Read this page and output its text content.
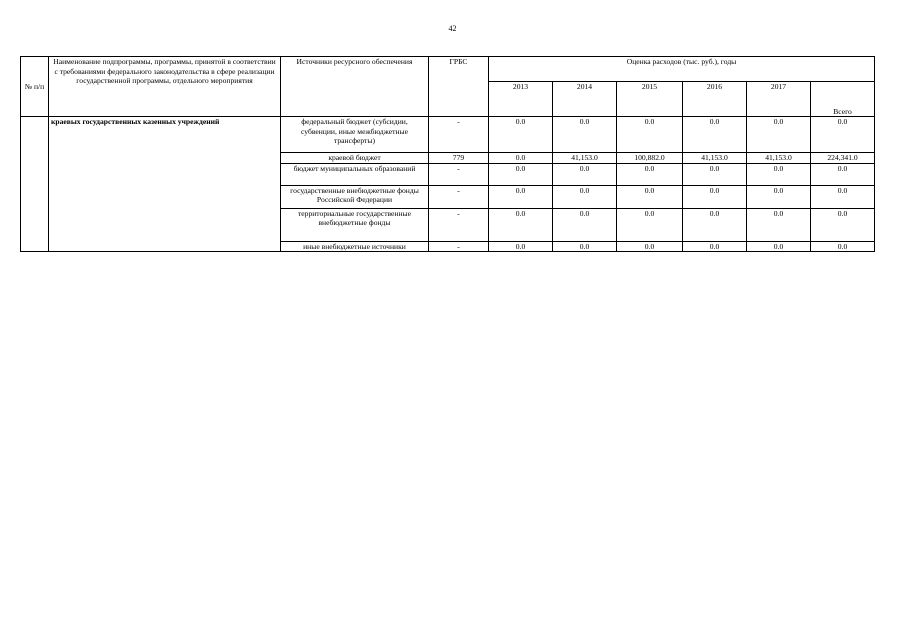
42
№ п/п	Наименование подпрограммы, программы, принятой в соответствии с требованиями федерального законодательства в сфере реализации государственной программы, отдельного мероприятия	Источники ресурсного обеспечения	ГРБС	Оценка расходов (тыс. руб.), годы					
				2013	2014	2015	2016	2017	Всего
	краевых государственных казенных учреждений	федеральный бюджет (субсидии, субвенции, иные межбюджетные трансферты)	-	0.0	0.0	0.0	0.0	0.0	0.0
		краевой бюджет	779	0.0	41,153.0	100,882.0	41,153.0	41,153.0	224,341.0
		бюджет муниципальных образований	-	0.0	0.0	0.0	0.0	0.0	0.0
		государственные внебюджетные фонды Российской Федерации	-	0.0	0.0	0.0	0.0	0.0	0.0
		территориальные государственные внебюджетные фонды	-	0.0	0.0	0.0	0.0	0.0	0.0
		иные внебюджетные источники	-	0.0	0.0	0.0	0.0	0.0	0.0
